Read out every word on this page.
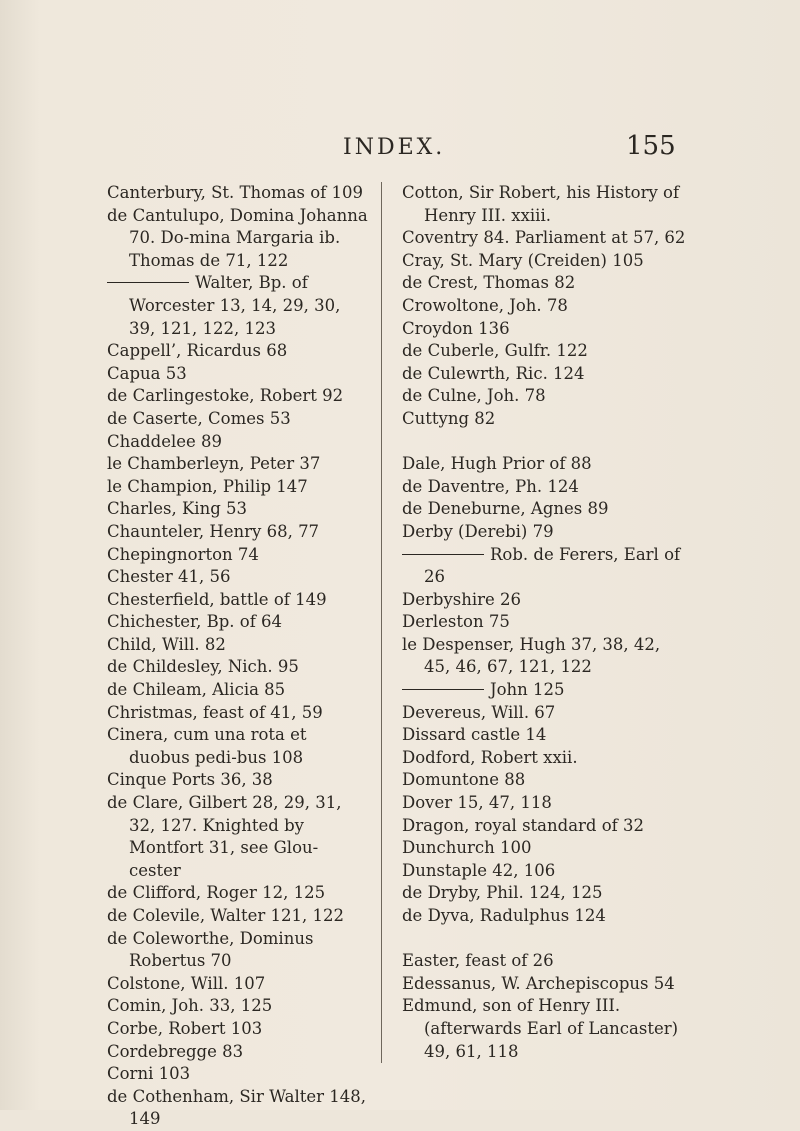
INDEX.	155
Canterbury, St. Thomas of 109
de Cantulupo, Domina Johanna 70. Do-mina Margaria ib. Thomas de 71, 122
Walter, Bp. of Worcester 13, 14, 29, 30, 39, 121, 122, 123
Cappell’, Ricardus 68
Capua 53
de Carlingestoke, Robert 92
de Caserte, Comes 53
Chaddelee 89
le Chamberleyn, Peter 37
le Champion, Philip 147
Charles, King 53
Chaunteler, Henry 68, 77
Chepingnorton 74
Chester 41, 56
Chesterfield, battle of 149
Chichester, Bp. of 64
Child, Will. 82
de Childesley, Nich. 95
de Chileam, Alicia 85
Christmas, feast of 41, 59
Cinera, cum una rota et duobus pedi-bus 108
Cinque Ports 36, 38
de Clare, Gilbert 28, 29, 31, 32, 127. Knighted by Montfort 31, see Glou-cester
de Clifford, Roger 12, 125
de Colevile, Walter 121, 122
de Coleworthe, Dominus Robertus 70
Colstone, Will. 107
Comin, Joh. 33, 125
Corbe, Robert 103
Cordebregge 83
Corni 103
de Cothenham, Sir Walter 148, 149
Cotton, Sir Robert, his History of Henry III. xxiii.
Coventry 84. Parliament at 57, 62
Cray, St. Mary (Creiden) 105
de Crest, Thomas 82
Crowoltone, Joh. 78
Croydon 136
de Cuberle, Gulfr. 122
de Culewrth, Ric. 124
de Culne, Joh. 78
Cuttyng 82
Dale, Hugh Prior of 88
de Daventre, Ph. 124
de Deneburne, Agnes 89
Derby (Derebi) 79
Rob. de Ferers, Earl of 26
Derbyshire 26
Derleston 75
le Despenser, Hugh 37, 38, 42, 45, 46, 67, 121, 122
John 125
Devereus, Will. 67
Dissard castle 14
Dodford, Robert xxii.
Domuntone 88
Dover 15, 47, 118
Dragon, royal standard of 32
Dunchurch 100
Dunstaple 42, 106
de Dryby, Phil. 124, 125
de Dyva, Radulphus 124
Easter, feast of 26
Edessanus, W. Archepiscopus 54
Edmund, son of Henry III. (afterwards Earl of Lancaster) 49, 61, 118
